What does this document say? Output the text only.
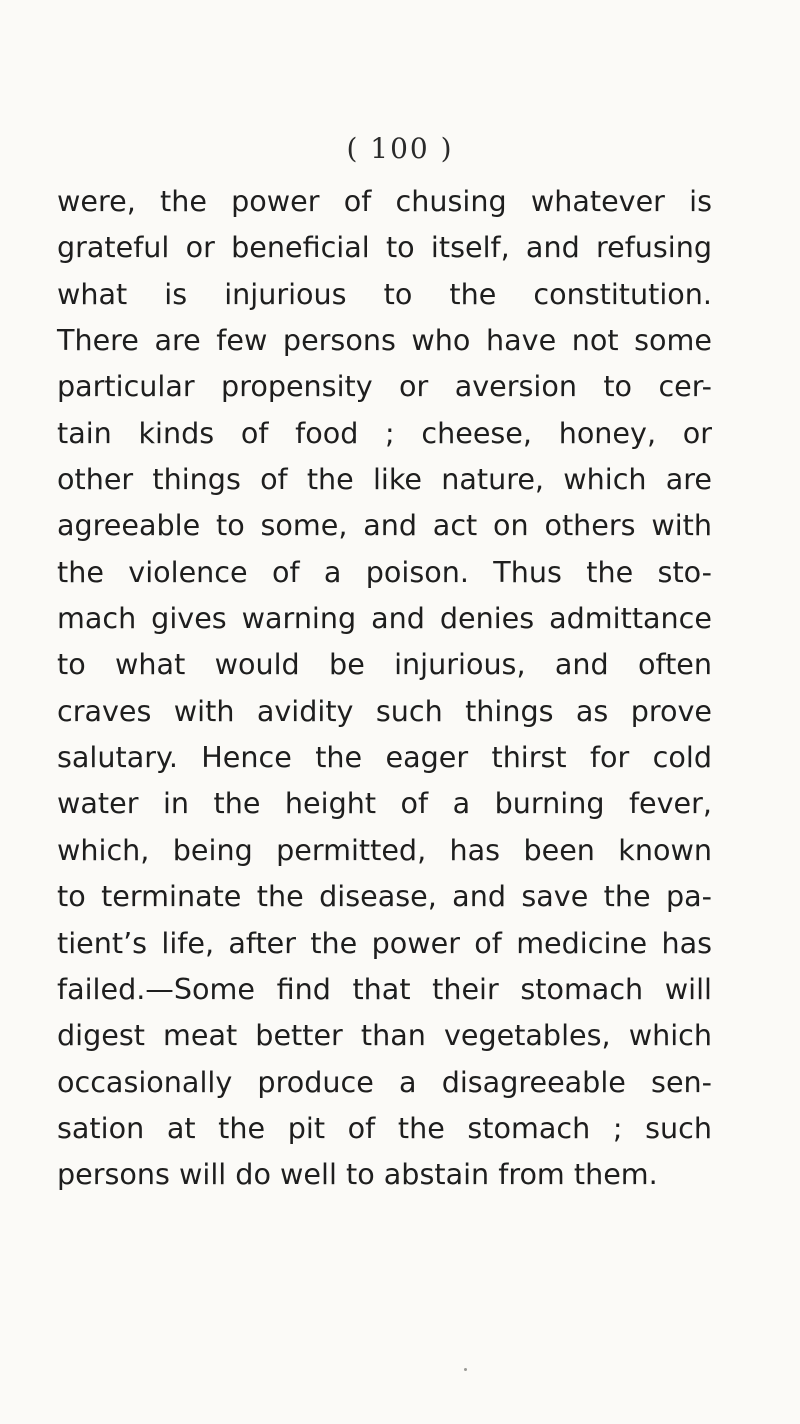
( 100 )
were, the power of chusing whatever is
grateful or beneficial to itself, and refusing
what is injurious to the constitution.
There are few persons who have not some
particular propensity or aversion to cer-
tain kinds of food ; cheese, honey, or
other things of the like nature, which are
agreeable to some, and act on others with
the violence of a poison. Thus the sto-
mach gives warning and denies admittance
to what would be injurious, and often
craves with avidity such things as prove
salutary. Hence the eager thirst for cold
water in the height of a burning fever,
which, being permitted, has been known
to terminate the disease, and save the pa-
tient’s life, after the power of medicine has
failed.—Some find that their stomach will
digest meat better than vegetables, which
occasionally produce a disagreeable sen-
sation at the pit of the stomach ; such
persons will do well to abstain from them.
